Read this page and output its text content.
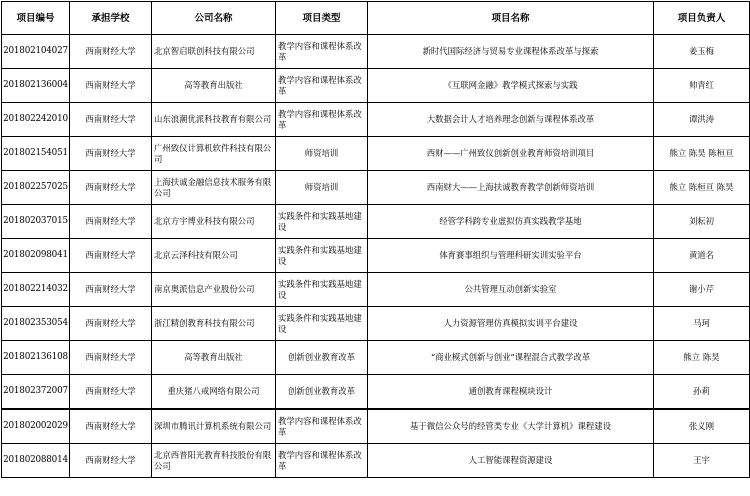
项目编号	承担学校	公司名称	项目类型	项目名称	项目负责人
201802104027	西南财经大学	北京智启联创科技有限公司	教学内容和课程体系改革	新时代国际经济与贸易专业课程体系改革与探索	姜玉梅
201802136004	西南财经大学	高等教育出版社	教学内容和课程体系改革	《互联网金融》教学模式探索与实践	帅青红
201802242010	西南财经大学	山东浪潮优派科技教育有限公司	教学内容和课程体系改革	大数据会计人才培养理念创新与课程体系改革	谭洪涛
201802154051	西南财经大学	广州致仪计算机软件科技有限公司	师资培训	西财——广州致仪创新创业教育师资培训项目	熊立 陈昊 陈桓亘
201802257025	西南财经大学	上海扶诚金融信息技术服务有限公司	师资培训	西南财大——上海扶诚教育教学创新师资培训	熊立 陈桓亘 陈昊
201802037015	西南财经大学	北京方宇博业科技有限公司	实践条件和实践基地建设	经管学科跨专业虚拟仿真实践教学基地	刘耘初
201802098041	西南财经大学	北京云泽科技有限公司	实践条件和实践基地建设	体育赛事组织与管理科研实训实验平台	黄道名
201802214032	西南财经大学	南京奥派信息产业股份公司	实践条件和实践基地建设	公共管理互动创新实验室	谢小芹
201802353054	西南财经大学	浙江精创教育科技有限公司	实践条件和实践基地建设	人力资源管理仿真模拟实训平台建设	马珂
201802136108	西南财经大学	高等教育出版社	创新创业教育改革	“商业模式创新与创业”课程混合式教学改革	熊立 陈昊
201802372007	西南财经大学	重庆猪八戒网络有限公司	创新创业教育改革	通创教育课程模块设计	孙莉
201802002029	西南财经大学	深圳市腾讯计算机系统有限公司	教学内容和课程体系改革	基于微信公众号的经管类专业《大学计算机》课程建设	张义刚
201802088014	西南财经大学	北京西普阳光教育科技股份有限公司	教学内容和课程体系改革	人工智能课程资源建设	王宇
